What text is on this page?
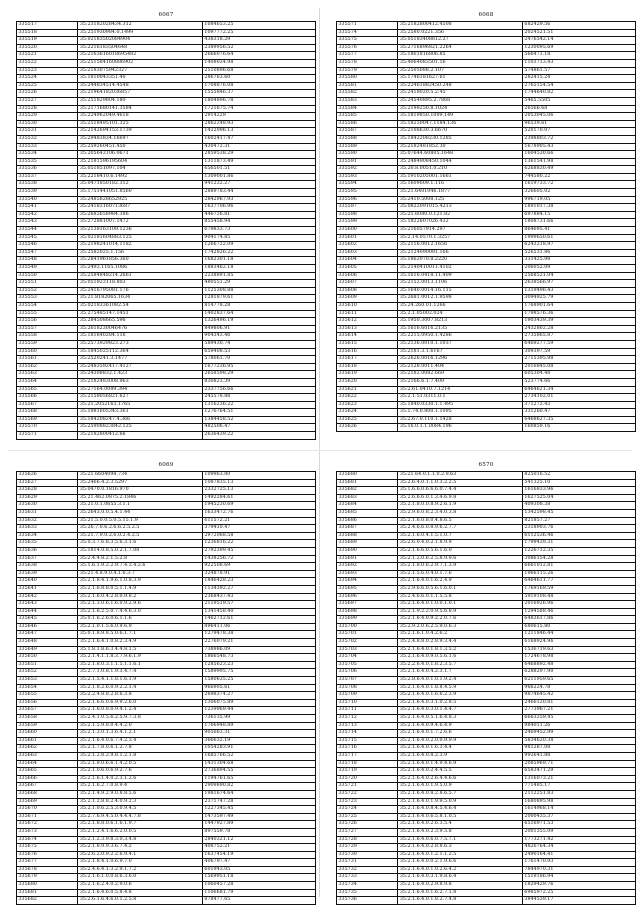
6067
335517	35.23182028434.312	1084653.25
335518	35.251930984.0.1499	1097772.25
335519	35.02183502084904	438318.29
335520	35.2216183504648	2389956.52
335521	35.2163616018695482	2666076.64
335522	35.251584160886902	1408034.98
335523	35.2183075942327	2510896.68
335524	35.1810043351.40	286763.60
335525	35.244834514.4548	1708876.08
335526	35.21964182036857	1555846.37
335527	35.251829804.180	1804896.78
335528	35.2171680141.3584	1721675.74
335529	35.224962049.4618	2914229
335530	35.2518495101.325	2862248.93
335531	35.2142694153.1739	1422096.13
335532	35.29483834.16697	1602417.47
335533	35.259260451.450	430472.31
335534	35.205643106.0671	2859538.29
335535	35.2181596195604	1311873.49
335536	35.051851097.104	656501.51
335537	35.2218410.6.1492	1309001.86
335538	35.0471850182.312	941232.27
335539	35.1751441051.8560	2889783.44
335540	35.2485828652925	2842967.93
335541	35.24183160713687	1637706.96
335542	35.2682658984.386	446726.81
335543	35.272881007.1472	855458.94
335544	35.2138163109.1236	679833.73
335545	35.02181604883.125	904174.85
335546	35.2198241014.1182	1266722.09
335547	35.2582025.1.156	1742826.22
335548	35.2841961856.360	1682301.18
335549	35.2492.1165.1086	1883462.18
335550	35.2584848214.2661	2238891.85
335551	35.051923118.803	480551.29
335552	35.2416795081.176	1125308.88
335553	35.21.8182065.1634	1281879.61
335554	35.02183361082.54	814778.28
335555	35.275485147.1451	1402837.64
335556	35.284508665.596	1326496.19
335557	35.2618230046476	849806.91
335558	35.181640284.116	904343.46
335559	35.2573929823.273	589430.74
335560	35.1845025112.364	659408.53
335561	35.2520241.3.1477	578061.70
335562	35.2483592417.4127	1677236.95
335563	35.24308832.1.423	2658598.29
335564	35.2182483008.963	830823.39
335565	35.27164.0089.394	2337756.66
335566	35.2158056821.627	245578.88
335567	35.21.2052163.1765	1316236.22
335568	35.1981605343.361	1276764.51
335569	35.184208247.4.366	1384458.52
335570	35.25908823842.125	482506.47
335571	35.2182800412.66	2636439.22
6068
335571	35.2182800412.4508	682429.56
335574	35.2580.0221.356	2024521.51
335575	35.05183408812.27	2476542.14
335576	35.2716896821.2264	1230095.69
335577	35.1861816806.85	566471.18
335578	35.4064083501.16	1103713.43
335579	35.2505088.2.107	574861.57
335580	35.1746181627.61	282415.24
335581	35.22461882450.248	2765154.54
335582	35.2418020.5.2.45	1744640.82
335583	35.24540895.2.7868	5465.5505
335584	35.2198250.8.1024	26566.68
335585	35.1819850.1009.149	2053045.06
335586	35.18250047.1184.136	96539.61
335587	35.2108630.3.6670	520170.07
335588	35.1842208230.1285	2398803.72
335589	35.2182481852.30	1678905.43
335590	35.07644.60805.1648	1604530.66
335591	35.2484908450.1044	1361541.98
335592	35.20.8.0051.0.210	6268830.49
335593	35.1910205001.1661	744580.22
335594	35.1609009.1.116	1619733.72
335595	35.21.6401046.1877	326605.02
335596	35.2410.5008.125	996719.05
335597	35.0822091015.4213	1891017.38
335598	35.21.6080.0.121.82	697884.15
335599	35.1822607026.432	1808731.66
335600	35.216057914.297	864695.41
335601	35.2.14.0570.1.3257	1999650.61
335602	35.2116.0012.1656	6243218.97
335603	35.2124090091.166	526531.86
335604	35.1862070.8.2220	331425.98
335605	35.2140410011.4102	206052.09
335606	35.1616.0418.11.409	2568521.04
335607	35.2152.0013.1106	2638566.97
335608	35.1640.0014.16.115	1319496.43
335609	35.2681.0012.1.9598	3094925.79
335610	35.24.260.01.1266	1768901.64
335611	35.2.1.05002.024	1798576.36
335612	35.1950.3007.8213	1903439.39
335613	35.1616.6016.2135	2432802.28
335614	35.2215.0950.1.4286	2735865.87
335615	35.2136.0010.1.1037	6469277.59
335616	35.2181.3.1.6167	309397.59
335617	35.2626.0016.1296	2715395.98
335618	35.2128.0011.404	2016845.08
335619	35.2182.0082.669	605304.48
335620	35.2166.6.1.7.409	523774.66
335621	35.2.61.0410.7.1214	6464621.34
335622	35.2.1.51.0311.0.1	2734102.01
335623	35.1840.0330.1.1.495	371272.43
335624	35.1.74.0.800.1.1095	331260.47
335625	35.2.67.0.110.1.1428	6468627.35
335626	35.16.0.1.1.0084.196	160859.16
6069
335626	35.21.6604098.734	109963.80
335627	35.2466.4.2.3.5297	1087835.13
335628	35.0470.0.1816.970	2332725.13
335629	35.21.462.0875.2.1846	1492284.61
335630	35.21.0.1.0655.3.1.1	1945230.69
335631	35.2643.0.0.5.4.1.44	1633472.76
335632	35.21.5.0.0.5.0.5.15.1.9	611572.21
335633	35.26.7.0.6.2.6.6.2.5.2.5	379410.47
335634	35.21.7.9.0.2.6.0.2.4.2.5	2972068.58
335635	35.0.3.7.6.8.3.5.6.3.1.6	1236816.22
335636	35.1814.0.8.5.0.2.1.7.08	2792399.45
335637	35.2.4.4.8.2.1.5.2.8	1438256.72
335638	35.1.6.1.9.2.2.9.7.4.3.4.2.6	922508.69
335639	35.21.4.8.9.0.4.1.6.3.7	324878.91
335640	35.2.1.8.4.1.9.6.1.0.8.3.9	1846428.23
335641	35.2.1.6.8.8.0.5.1.1.4.9	1134392.27
335642	35.2.1.6.0.4.2.8.0.9.8.2	2368437.43
335643	35.2.1.3.0.6.1.6.0.9.2.9.6	2119519.57
335644	35.2.1.6.2.5.0.7.4.4.6.3.0	1341458.40
335645	35.0.1.6.2.6.0.6.1.1.6	1462712.61
335646	35.2.1.0.1.5.6.0.9.6.9	896411.06
335647	35.0.1.8.9.8.5.0.6.1.7.1	1279478.38
335648	35.2.1.6.4.1.0.8.2.3.4.9	2276079.21
335649	35.1.8.1.8.6.3.4.4.8.1.5	738986.09
335650	35.2.1.4.1.1.8.3.7.9.6.1.9	1866548.73
335651	35.2.1.8.0.3.1.1.5.1.1.6.1	1285623.23
335652	35.2.7.1.0.8.1.9.3.4.7.4	1589995.75
335653	35.2.1.5.4.1.1.8.1.6.1.9	1580635.25
335654	35.2.1.8.2.6.0.9.2.2.1.4	966905.61
335655	35.2.2.4.8.8.2.8.6.3.8	2698374.27
335656	35.2.1.6.6.0.6.9.9.2.6.0	1306075.89
335657	35.2.1.6.0.8.0.9.4.1.2.4	1239969.44
335658	35.2.4.1.0.5.6.2.5.9.7.3.8	736135.99
335659	35.2.1.5.9.8.0.4.4.2.0	1766948.89
335660	35.2.1.3.0.1.3.6.4.1.2.1	905663.31
335661	35.2.1.6.4.0.6.7.4.2.3.4	366632.19
335662	35.2.1.7.8.0.6.1.2.7.8	1054283.91
335663	35.2.1.2.8.2.9.8.1.2.1.8	1685766.52
335664	35.2.1.8.0.6.6.1.4.2.0.5	1431304.68
335665	35.2.1.0.6.0.6.9.2.7.6	2736894.55
335666	35.2.1.6.1.4.0.2.3.1.2.6	1194761.65
335667	35.2.1.6.2.7.0.8.9.4	2909890.82
335668	35.2.1.4.9.2.9.0.8.8.5.6	1981674.64
335669	35.2.1.2.8.8.2.4.0.9.2.3	2371747.28
335670	35.2.1.0.6.2.5.3.0.9.4.5	1227345.45
335671	35.2.7.6.9.4.5.0.4.4.4.7.8	1473597.49
335672	35.2.1.8.8.0.6.1.6.1.9.7	1447927.89
335673	35.2.1.2.4.1.6.6.2.0.0.5	897559.78
335674	35.2.1.2.3.9.8.3.0.3.4.8	2840321.12
335675	35.2.1.8.9.9.3.6.7.4.2	408752.21
335676	35.2.6.2.0.9.2.2.6.9.4.1	1637454.19
335677	35.2.1.8.4.1.0.6.9.7.0	406797.47
335678	35.2.4.6.4.1.3.2.9.1.7.2	601943.05
335679	35.2.1.6.1.0.0.8.6.3.6.0	1569951.18
335680	35.2.1.6.2.4.0.2.9.0.6	1060457.28
335681	35.2.1.6.4.6.0.5.8.4.8	1106681.79
335682	35.2.6.1.6.4.6.0.1.2.5.8	878477.65
6570
335680	35.21.64.0.1.1.0.2.9.63	825016.52
335681	35.2.6.4.0.1.1.0.3.2.2.5	541325.10
335682	35.1.6.6.0.6.6.6.0.7.4.4	1616833.96
335683	35.2.6.6.6.0.1.3.4.6.9.8	1627525.04
335684	35.2.1.8.0.0.8.9.2.6.1.9	409308.38
335685	35.2.9.6.0.8.2.3.4.0.3.8	1342598.45
335686	35.2.1.6.0.8.0.4.8.6.5	821857.27
335687	35.2.4.6.6.0.8.9.6.2.7.7	2318903.76
335688	35.2.1.6.0.4.1.5.1.0.7	6112536.46
335689	35.2.6.0.4.0.2.1.8.9.9	1799439.31
335690	35.2.1.6.6.0.5.6.1.6.0	1226712.35
335691	35.2.1.2.0.6.2.5.8.9.9.6	3086154.28
335692	35.2.1.8.0.6.2.9.7.1.3.9	6661012.81
335693	35.2.1.5.6.0.4.0.1.7.6	1966115.26
335694	35.2.1.6.4.0.1.6.2.4.9	6464611.77
335695	35.2.9.6.6.0.5.6.1.6.0.1	1769169.59
335696	35.2.4.6.6.0.1.1.5.5.8	5919108.48
335697	35.2.1.6.4.0.1.0.0.1.0.1	2016926.96
335698	35.2.1.9.2.2.0.9.5.6.8.9	1294588.46
335699	35.2.1.6.4.0.9.2.2.0.7.6	6483617.86
335700	35.2.9.2.0.6.2.5.9.0.6.3	680615.80
335701	35.2.1.6.1.0.4.2.6.2	1211846.44
335702	35.2.4.8.8.0.2.8.9.3.4.4	6168924.96
335703	35.2.1.6.4.0.1.8.1.3.5.2	1536719.63
335704	35.2.1.6.4.0.9.0.5.6.1.6	1724678.98
335705	35.2.2.6.4.0.1.8.2.3.5.7	6468892.48
335706	35.2.1.6.4.0.4.2.3.1.7	6288297.90
335707	35.2.8.6.4.0.1.0.1.9.2.4	6211959.65
335708	35.2.1.6.4.0.1.8.8.4.5.9	966224.78
335709	35.2.1.6.4.0.1.6.6.2.3.9	9874645.42
335710	35.2.1.6.4.0.3.1.0.2.8.5	2466120.81
335711	35.2.1.6.4.0.3.0.1.4.4.7	2773967.21
335712	35.2.1.6.4.0.5.1.6.4.8.3	6663259.45
335713	35.2.1.6.4.0.9.4.6.4.9	984011.26
335714	35.2.1.6.4.0.1.7.2.6.6	2469452.99
335715	35.2.1.6.4.0.2.0.0.9.9.9	5834620.38
335716	35.2.1.6.4.0.1.6.3.4.4	981287.08
335717	35.2.1.6.4.0.8.2.3.9	992641.88
335718	35.2.1.6.4.0.1.4.9.4.6.9	2085969.71
335719	35.2.1.6.4.0.2.4.4.5.5	6583471.29
335720	35.2.1.6.4.0.2.6.4.4.6.6	1316073.21
335721	35.2.1.6.4.0.1.9.5.0.9	771485.17
335722	35.2.1.6.4.0.8.2.8.6.5.7	2112251.83
335723	35.2.1.6.4.0.1.9.9.5.0.9	1680895.98
335724	35.2.1.6.4.0.8.4.5.4.6.4	1614968.14
335725	35.2.1.6.4.0.6.5.8.1.0.5	2000435.37
335726	35.2.1.6.4.0.2.6.3.5.4	6516971.53
335727	35.2.1.6.4.0.2.3.9.5.8	2001355.09
335728	35.2.1.6.4.0.6.0.7.5.7.1	1773271.42
335729	35.2.1.6.4.0.2.8.8.6.3	4826764.34
335730	35.2.1.6.4.0.1.2.1.1.2.5	2490164.41
335731	35.2.1.6.4.0.0.2.1.9.6.6	1761470.93
335732	35.2.1.6.4.0.1.0.2.6.4.2	7844970.31
335733	35.2.1.6.4.0.3.1.9.8.6.4	1519186.94
335734	35.2.1.6.4.0.2.9.8.9.8	1829429.76
335735	35.2.1.6.4.0.1.6.2.7.1.8	6985972.25
335736	35.2.1.6.4.0.1.8.2.7.4.8	3844539.17
